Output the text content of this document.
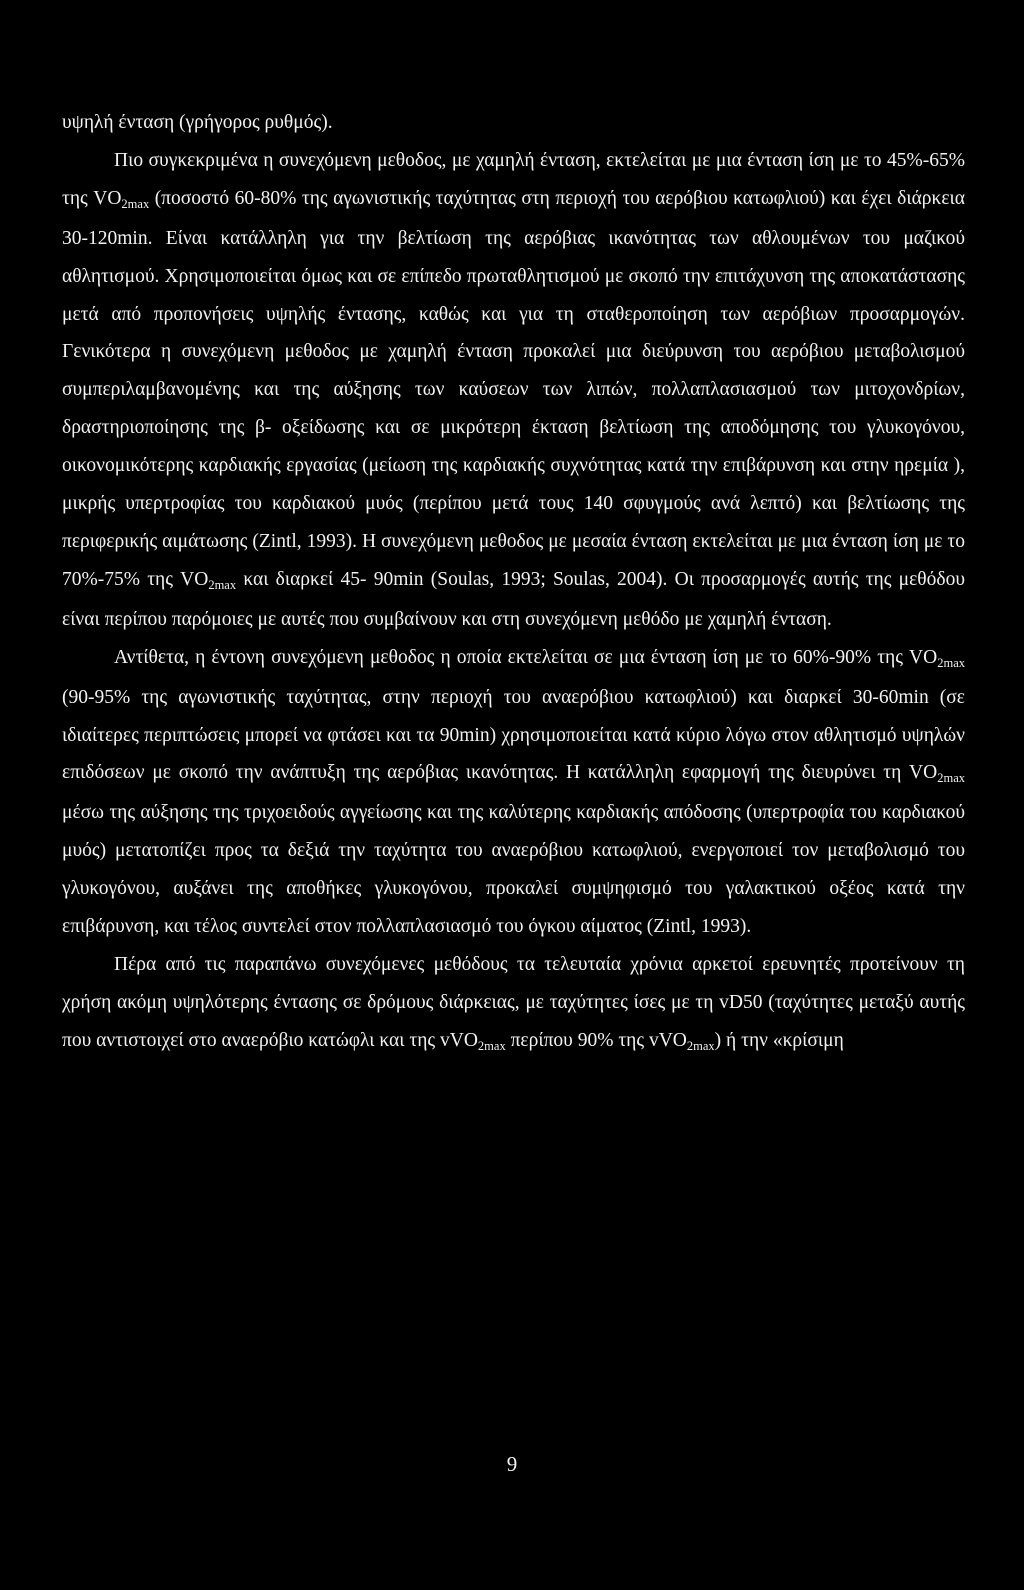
υψηλή ένταση (γρήγορος ρυθμός).

Πιο συγκεκριμένα η συνεχόμενη μεθοδος, με χαμηλή ένταση, εκτελείται με μια ένταση ίση με το 45%-65% της $VO_{2max}$ (ποσοστό 60-80% της αγωνιστικής ταχύτητας στη περιοχή του αερόβιου κατωφλιού) και έχει διάρκεια 30-120min. Είναι κατάλληλη για την βελτίωση της αερόβιας ικανότητας των αθλουμένων του μαζικού αθλητισμού. Χρησιμοποιείται όμως και σε επίπεδο πρωταθλητισμού με σκοπό την επιτάχυνση της αποκατάστασης μετά από προπονήσεις υψηλής έντασης, καθώς και για τη σταθεροποίηση των αερόβιων προσαρμογών. Γενικότερα η συνεχόμενη μεθοδος με χαμηλή ένταση προκαλεί μια διεύρυνση του αερόβιου μεταβολισμού συμπεριλαμβανομένης και της αύξησης των καύσεων των λιπών, πολλαπλασιασμού των μιτοχονδρίων, δραστηριοποίησης της β- οξείδωσης και σε μικρότερη έκταση βελτίωση της αποδόμησης του γλυκογόνου, οικονομικότερης καρδιακής εργασίας (μείωση της καρδιακής συχνότητας κατά την επιβάρυνση και στην ηρεμία ), μικρής υπερτροφίας του καρδιακού μυός (περίπου μετά τους 140 σφυγμούς ανά λεπτό) και βελτίωσης της περιφερικής αιμάτωσης (Zintl, 1993). Η συνεχόμενη μεθοδος με μεσαία ένταση εκτελείται με μια ένταση ίση με το 70%-75% της $VO_{2max}$ και διαρκεί 45- 90min (Soulas, 1993; Soulas, 2004). Οι προσαρμογές αυτής της μεθόδου είναι περίπου παρόμοιες με αυτές που συμβαίνουν και στη συνεχόμενη μεθόδο με χαμηλή ένταση.

Αντίθετα, η έντονη συνεχόμενη μεθοδος η οποία εκτελείται σε μια ένταση ίση με το 60%-90% της $VO_{2max}$ (90-95% της αγωνιστικής ταχύτητας, στην περιοχή του αναερόβιου κατωφλιού) και διαρκεί 30-60min (σε ιδιαίτερες περιπτώσεις μπορεί να φτάσει και τα 90min) χρησιμοποιείται κατά κύριο λόγω στον αθλητισμό υψηλών επιδόσεων με σκοπό την ανάπτυξη της αερόβιας ικανότητας. Η κατάλληλη εφαρμογή της διευρύνει τη $VO_{2max}$ μέσω της αύξησης της τριχοειδούς αγγείωσης και της καλύτερης καρδιακής απόδοσης (υπερτροφία του καρδιακού μυός) μετατοπίζει προς τα δεξιά την ταχύτητα του αναερόβιου κατωφλιού, ενεργοποιεί τον μεταβολισμό του γλυκογόνου, αυξάνει της αποθήκες γλυκογόνου, προκαλεί συμψηφισμό του γαλακτικού οξέος κατά την επιβάρυνση, και τέλος συντελεί στον πολλαπλασιασμό του όγκου αίματος (Zintl, 1993).

Πέρα από τις παραπάνω συνεχόμενες μεθόδους τα τελευταία χρόνια αρκετοί ερευνητές προτείνουν τη χρήση ακόμη υψηλότερης έντασης σε δρόμους διάρκειας, με ταχύτητες ίσες με τη vD50 (ταχύτητες μεταξύ αυτής που αντιστοιχεί στο αναερόβιο κατώφλι και της vVO$_{2max}$ περίπου 90% της vVO$_{2max}$) ή την «κρίσιμη

9
